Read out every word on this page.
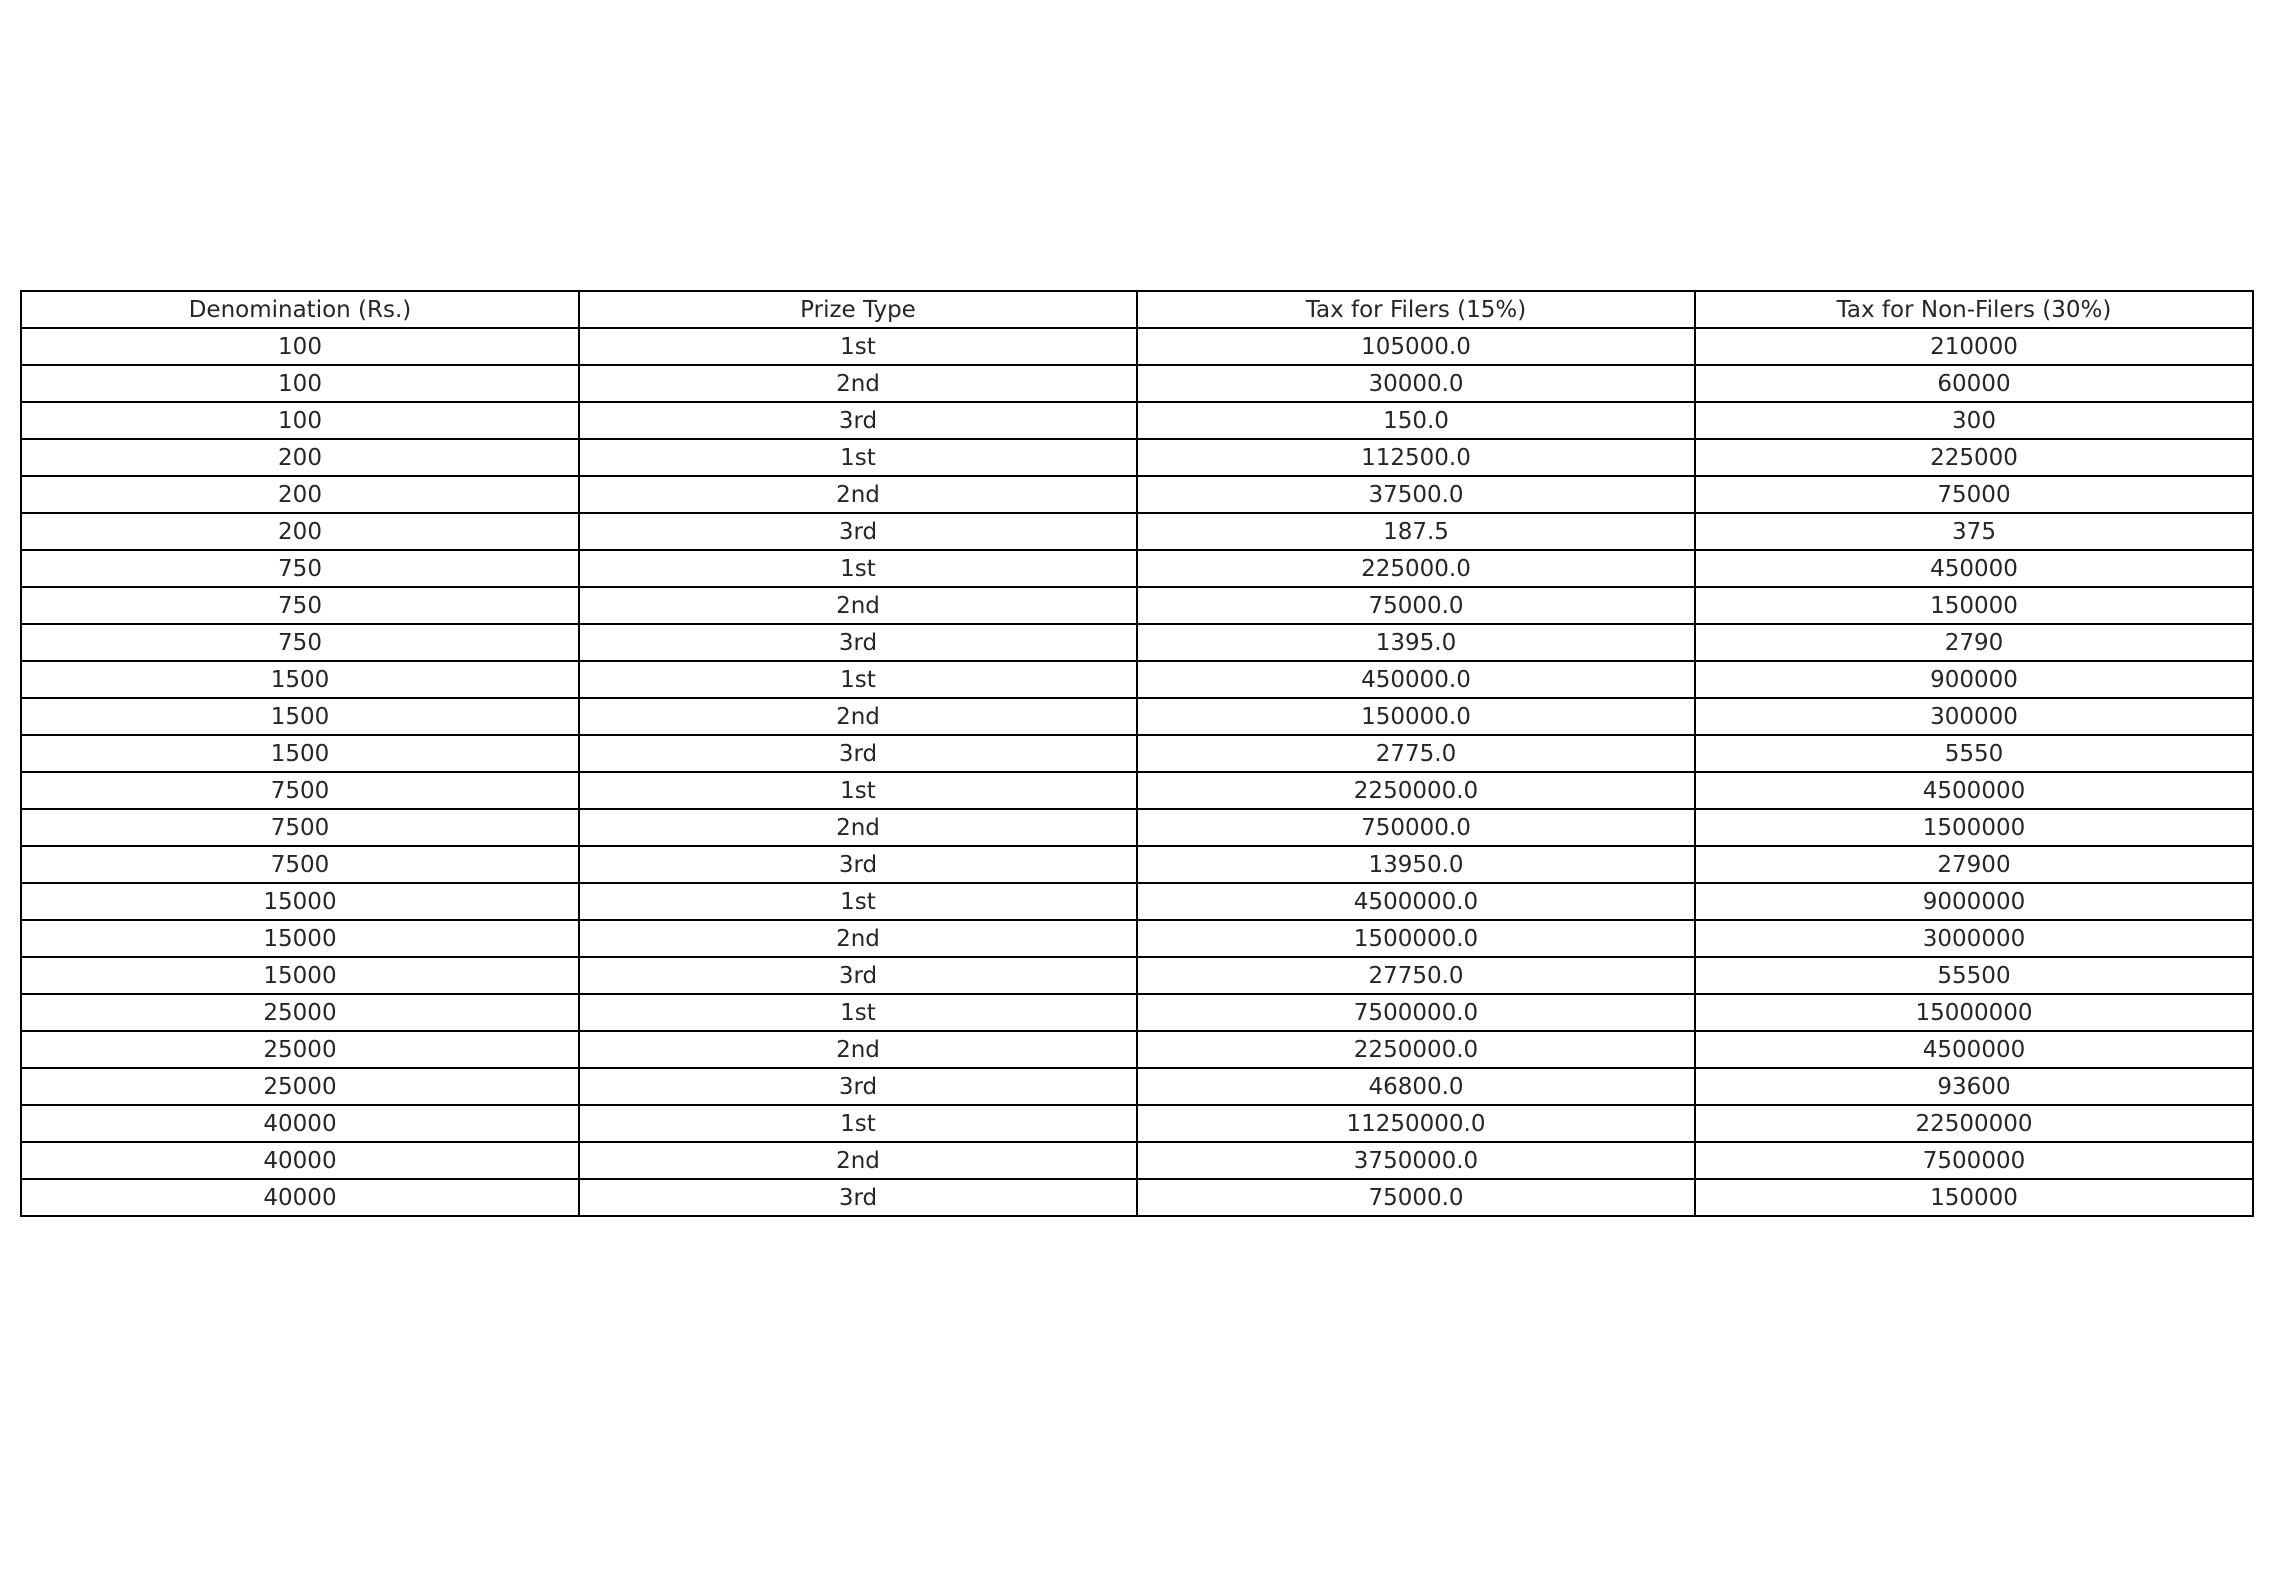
Denomination (Rs.)	Prize Type	Tax for Filers (15%)	Tax for Non-Filers (30%)
100	1st	105000.0	210000
100	2nd	30000.0	60000
100	3rd	150.0	300
200	1st	112500.0	225000
200	2nd	37500.0	75000
200	3rd	187.5	375
750	1st	225000.0	450000
750	2nd	75000.0	150000
750	3rd	1395.0	2790
1500	1st	450000.0	900000
1500	2nd	150000.0	300000
1500	3rd	2775.0	5550
7500	1st	2250000.0	4500000
7500	2nd	750000.0	1500000
7500	3rd	13950.0	27900
15000	1st	4500000.0	9000000
15000	2nd	1500000.0	3000000
15000	3rd	27750.0	55500
25000	1st	7500000.0	15000000
25000	2nd	2250000.0	4500000
25000	3rd	46800.0	93600
40000	1st	11250000.0	22500000
40000	2nd	3750000.0	7500000
40000	3rd	75000.0	150000
